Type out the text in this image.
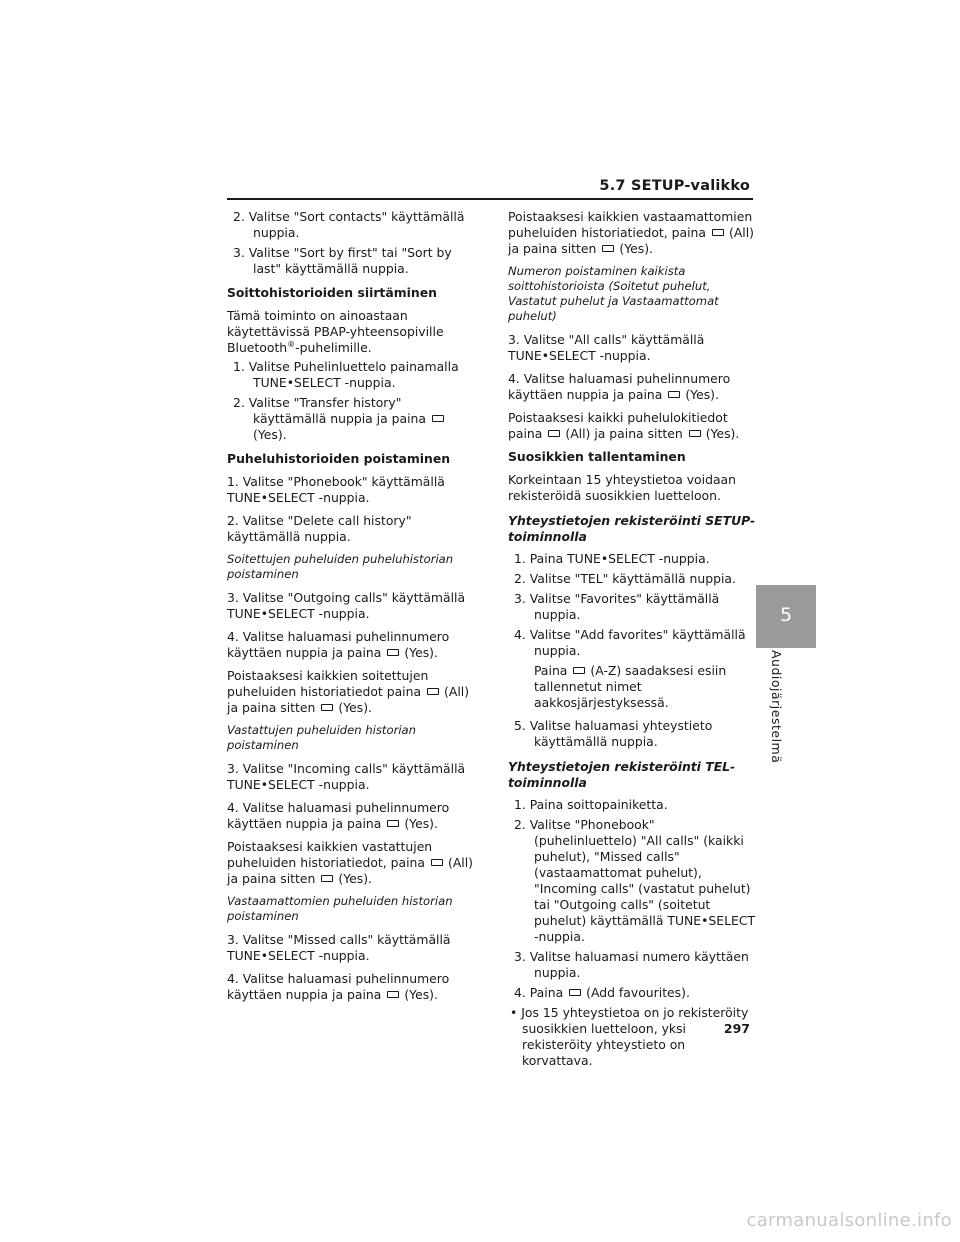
5.7 SETUP-valikko
2. Valitse "Sort contacts" käyttämällä nuppia.
3. Valitse "Sort by first" tai "Sort by last" käyttämällä nuppia.
Soittohistorioiden siirtäminen
Tämä toiminto on ainoastaan käytettävissä PBAP-yhteensopiville Bluetooth®-puhelimille.
1. Valitse Puhelinluettelo painamalla TUNE•SELECT -nuppia.
2. Valitse "Transfer history" käyttämällä nuppia ja paina(Yes).
Puheluhistorioiden poistaminen
1. Valitse "Phonebook" käyttämällä TUNE•SELECT -nuppia.
2. Valitse "Delete call history" käyttämällä nuppia.
Soitettujen puheluiden puheluhistorian poistaminen
3. Valitse "Outgoing calls" käyttämällä TUNE•SELECT -nuppia.
4. Valitse haluamasi puhelinnumero käyttäen nuppia ja paina (Yes).
Poistaaksesi kaikkien soitettujen puheluiden historiatiedot paina (All) ja paina sitten (Yes).
Vastattujen puheluiden historian poistaminen
3. Valitse "Incoming calls" käyttämällä TUNE•SELECT -nuppia.
4. Valitse haluamasi puhelinnumero käyttäen nuppia ja paina (Yes).
Poistaaksesi kaikkien vastattujen puheluiden historiatiedot, paina (All) ja paina sitten (Yes).
Vastaamattomien puheluiden historian poistaminen
3. Valitse "Missed calls" käyttämällä TUNE•SELECT -nuppia.
4. Valitse haluamasi puhelinnumero käyttäen nuppia ja paina (Yes).
Poistaaksesi kaikkien vastaamattomien puheluiden historiatiedot, paina (All) ja paina sitten (Yes).
Numeron poistaminen kaikista soittohistorioista (Soitetut puhelut, Vastatut puhelut ja Vastaamattomat puhelut)
3. Valitse "All calls" käyttämällä TUNE•SELECT -nuppia.
4. Valitse haluamasi puhelinnumero käyttäen nuppia ja paina (Yes).
Poistaaksesi kaikki puhelulokitiedot paina (All) ja paina sitten (Yes).
Suosikkien tallentaminen
Korkeintaan 15 yhteystietoa voidaan rekisteröidä suosikkien luetteloon.
Yhteystietojen rekisteröinti SETUP-toiminnolla
1. Paina TUNE•SELECT -nuppia.
2. Valitse "TEL" käyttämällä nuppia.
3. Valitse "Favorites" käyttämällä nuppia.
4. Valitse "Add favorites" käyttämällä nuppia.
Paina (A-Z) saadaksesi esiin tallennetut nimet aakkosjärjestyksessä.
5. Valitse haluamasi yhteystieto käyttämällä nuppia.
Yhteystietojen rekisteröinti TEL-toiminnolla
1. Paina soittopainiketta.
2. Valitse "Phonebook" (puhelinluettelo) "All calls" (kaikki puhelut), "Missed calls" (vastaamattomat puhelut), "Incoming calls" (vastatut puhelut) tai "Outgoing calls" (soitetut puhelut) käyttämällä TUNE•SELECT -nuppia.
3. Valitse haluamasi numero käyttäen nuppia.
4. Paina (Add favourites).
• Jos 15 yhteystietoa on jo rekisteröity suosikkien luetteloon, yksi rekisteröity yhteystieto on korvattava.
5
Audiojärjestelmä
297
carmanualsonline.info
